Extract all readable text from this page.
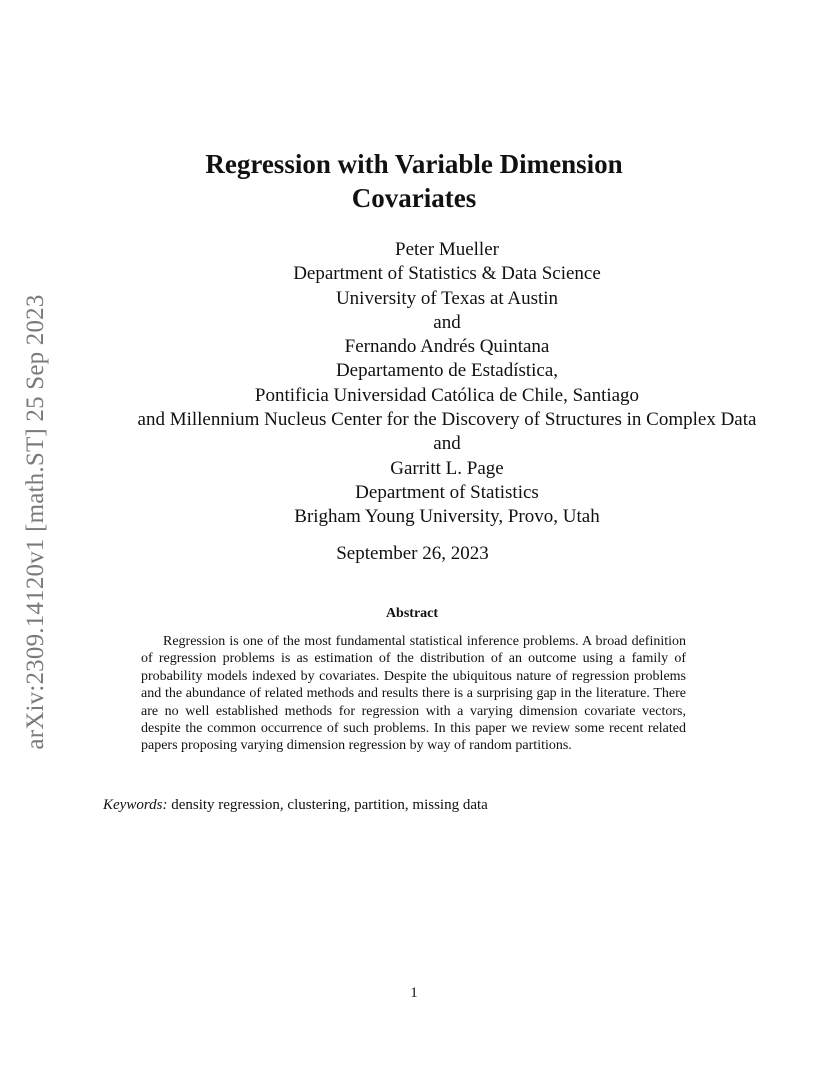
arXiv:2309.14120v1 [math.ST] 25 Sep 2023
Regression with Variable Dimension
Covariates
Peter Mueller
Department of Statistics & Data Science
University of Texas at Austin
and
Fernando Andrés Quintana
Departamento de Estadística,
Pontificia Universidad Católica de Chile, Santiago
and Millennium Nucleus Center for the Discovery of Structures in Complex Data
and
Garritt L. Page
Department of Statistics
Brigham Young University, Provo, Utah
September 26, 2023
Abstract
Regression is one of the most fundamental statistical inference problems. A broad definition of regression problems is as estimation of the distribution of an outcome using a family of probability models indexed by covariates. Despite the ubiquitous nature of regression problems and the abundance of related methods and results there is a surprising gap in the literature. There are no well established methods for regression with a varying dimension covariate vectors, despite the common occurrence of such problems. In this paper we review some recent related papers proposing varying dimension regression by way of random partitions.
Keywords: density regression, clustering, partition, missing data
1
